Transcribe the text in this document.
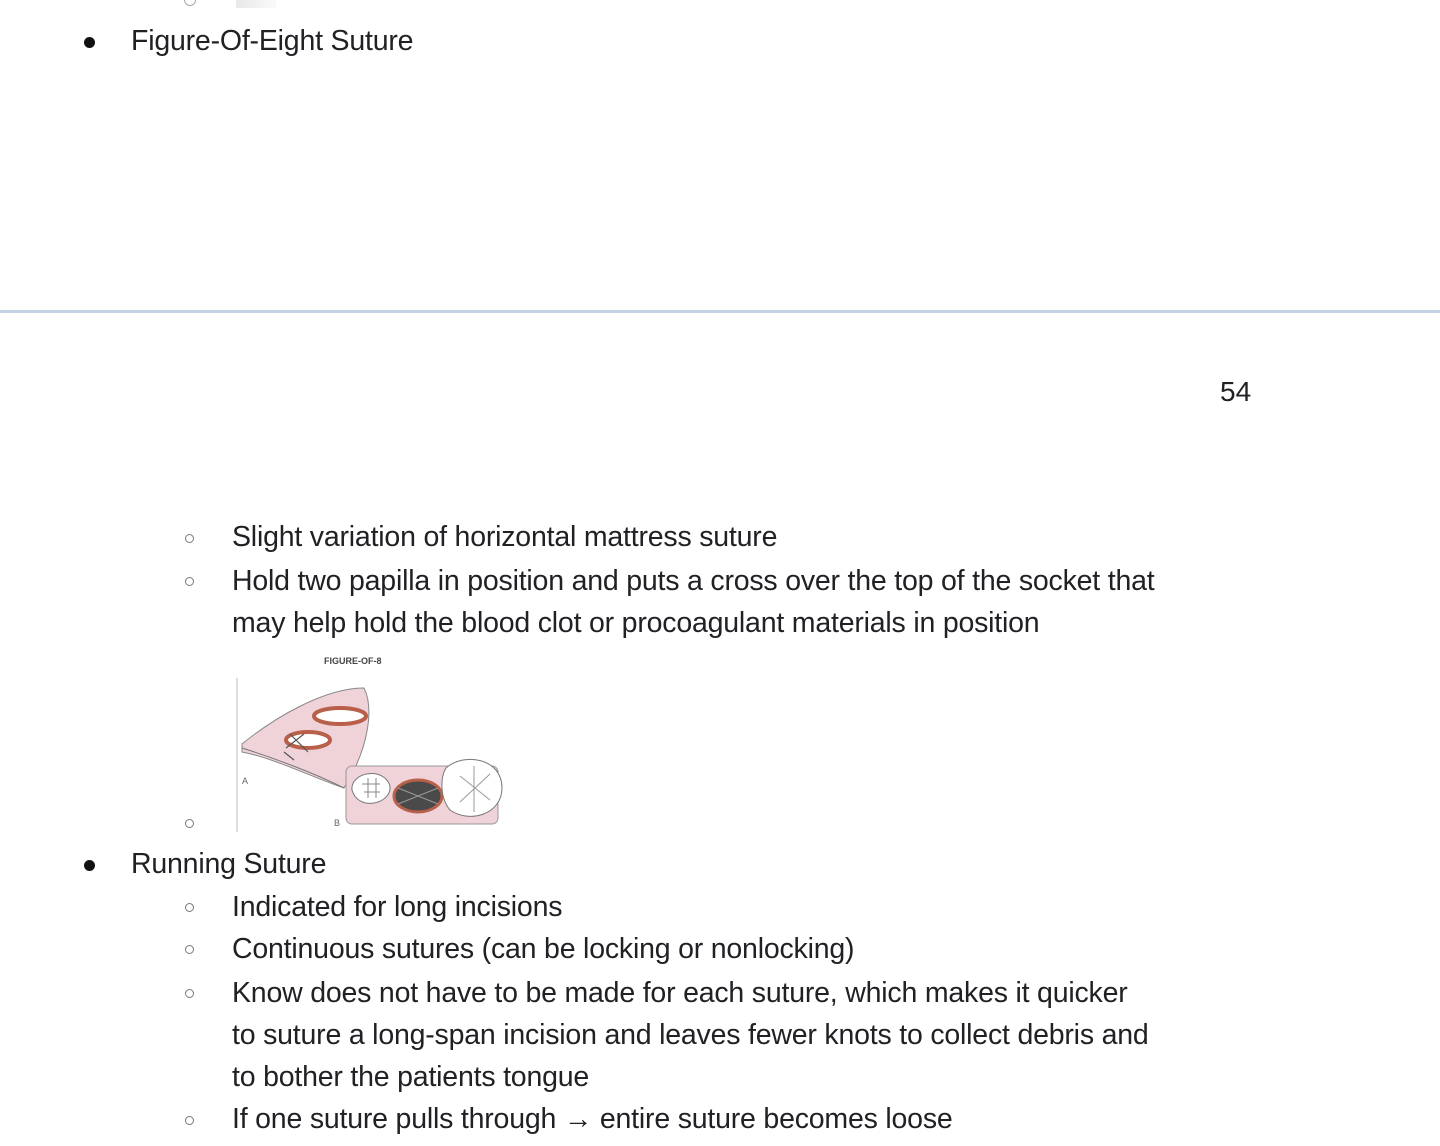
Figure-Of-Eight Suture
54
Slight variation of horizontal mattress suture
Hold two papilla in position and puts a cross over the top of the socket that
may help hold the blood clot or procoagulant materials in position
FIGURE-OF-8
A
B
Running Suture
Indicated for long incisions
Continuous sutures (can be locking or nonlocking)
Know does not have to be made for each suture, which makes it quicker
to suture a long-span incision and leaves fewer knots to collect debris and
to bother the patients tongue
If one suture pulls through → entire suture becomes loose
